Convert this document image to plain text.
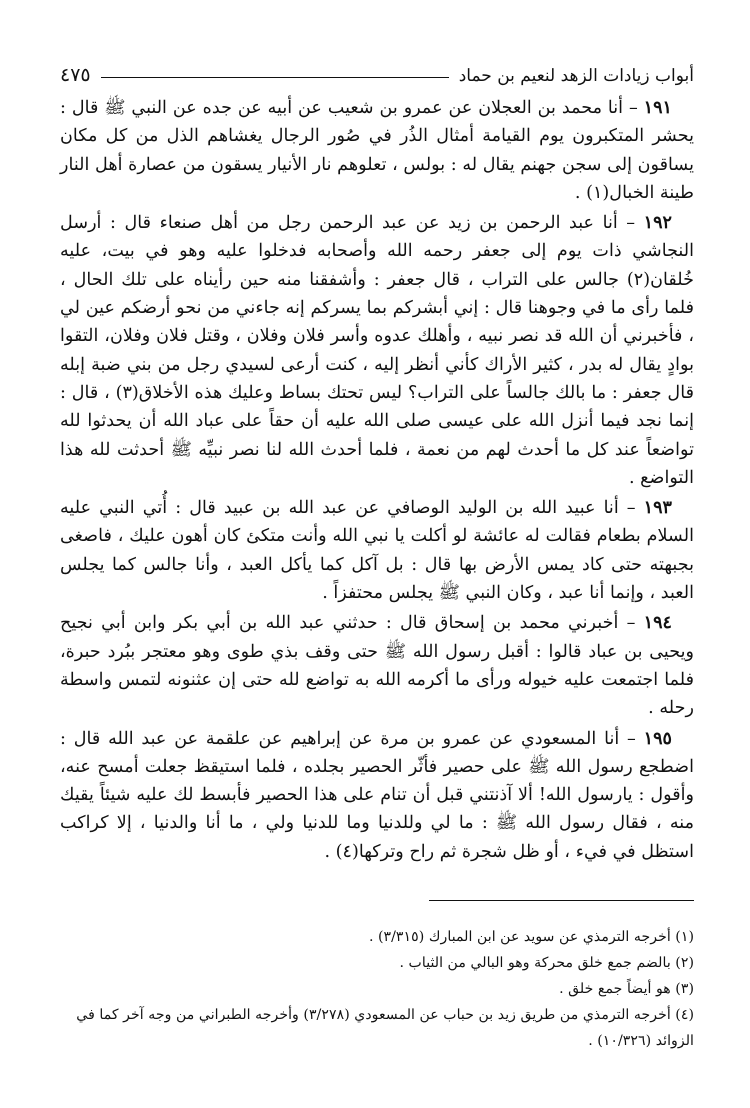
أبواب زيادات الزهد لنعيم بن حماد
٤٧٥

١٩١ – أنا محمد بن العجلان عن عمرو بن شعيب عن أبيه عن جده عن النبي ﷺ قال : يحشر المتكبرون يوم القيامة أمثال الذُر في صُور الرجال يغشاهم الذل من كل مكان يساقون إلى سجن جهنم يقال له : بولس ، تعلوهم نار الأنيار يسقون من عصارة أهل النار طينة الخبال(١) .

١٩٢ – أنا عبد الرحمن بن زيد عن عبد الرحمن رجل من أهل صنعاء قال : أرسل النجاشي ذات يوم إلى جعفر رحمه الله وأصحابه فدخلوا عليه وهو في بيت، عليه خُلقان(٢) جالس على التراب ، قال جعفر : وأشفقنا منه حين رأيناه على تلك الحال ، فلما رأى ما في وجوهنا قال : إني أبشركم بما يسركم إنه جاءني من نحو أرضكم عين لي ، فأخبرني أن الله قد نصر نبيه ، وأهلك عدوه وأسر فلان وفلان ، وقتل فلان وفلان، التقوا بوادٍ يقال له بدر ، كثير الأراك كأني أنظر إليه ، كنت أرعى لسيدي رجل من بني ضبة إبله قال جعفر : ما بالك جالساً على التراب؟ ليس تحتك بساط وعليك هذه الأخلاق(٣) ، قال : إنما نجد فيما أنزل الله على عيسى صلى الله عليه أن حقاً على عباد الله أن يحدثوا لله تواضعاً عند كل ما أحدث لهم من نعمة ، فلما أحدث الله لنا نصر نبيِّه ﷺ أحدثت لله هذا التواضع .

١٩٣ – أنا عبيد الله بن الوليد الوصافي عن عبد الله بن عبيد قال : أُتي النبي عليه السلام بطعام فقالت له عائشة لو أكلت يا نبي الله وأنت متكئ كان أهون عليك ، فاصغى بجبهته حتى كاد يمس الأرض بها قال : بل آكل كما يأكل العبد ، وأنا جالس كما يجلس العبد ، وإنما أنا عبد ، وكان النبي ﷺ يجلس محتفزاً .

١٩٤ – أخبرني محمد بن إسحاق قال : حدثني عبد الله بن أبي بكر وابن أبي نجيح ويحيى بن عباد قالوا : أقبل رسول الله ﷺ حتى وقف بذي طوى وهو معتجر ببُرد حبرة، فلما اجتمعت عليه خيوله ورأى ما أكرمه الله به تواضع لله حتى إن عثنونه لتمس واسطة رحله .

١٩٥ – أنا المسعودي عن عمرو بن مرة عن إبراهيم عن علقمة عن عبد الله قال : اضطجع رسول الله ﷺ على حصير فأثّر الحصير بجلده ، فلما استيقظ جعلت أمسح عنه، وأقول : يارسول الله! ألا آذنتني قبل أن تنام على هذا الحصير فأبسط لك عليه شيئاً يقيك منه ، فقال رسول الله ﷺ : ما لي وللدنيا وما للدنيا ولي ، ما أنا والدنيا ، إلا كراكب استظل في فيء ، أو ظل شجرة ثم راح وتركها(٤) .

(١) أخرجه الترمذي عن سويد عن ابن المبارك (٣/٣١٥) .
(٢) بالضم جمع خلق محركة وهو البالي من الثياب .
(٣) هو أيضاً جمع خلق .
(٤) أخرجه الترمذي من طريق زيد بن حباب عن المسعودي (٣/٢٧٨) وأخرجه الطبراني من وجه آخر كما في الزوائد (١٠/٣٢٦) .
